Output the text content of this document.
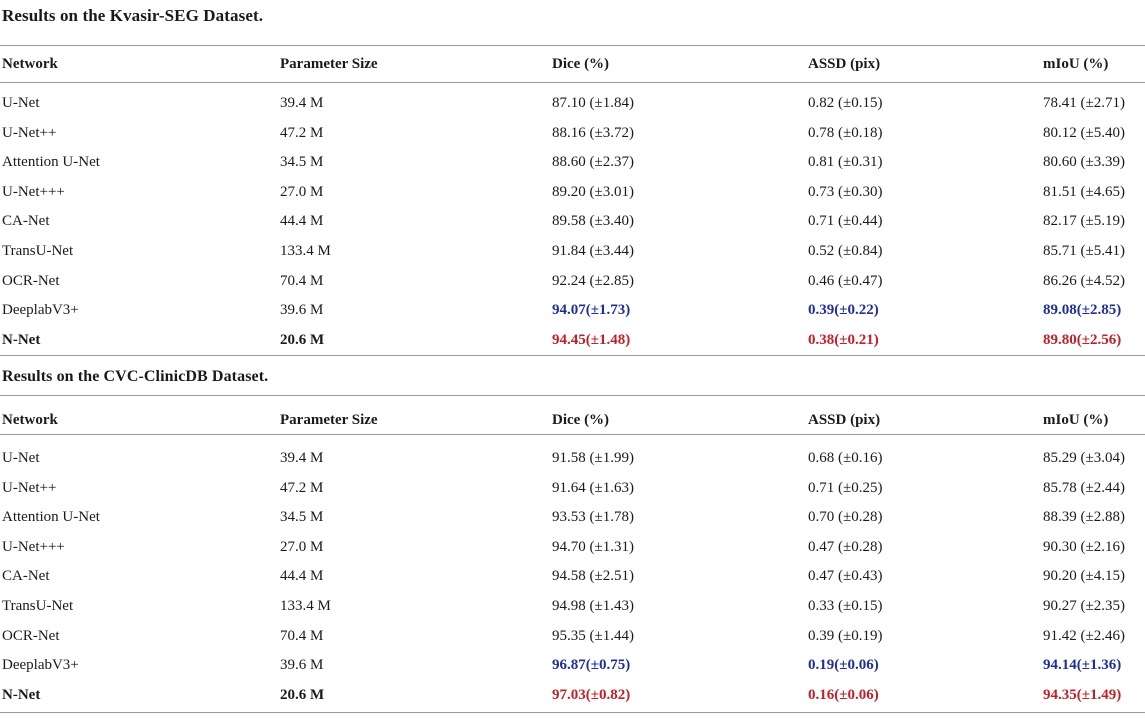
Results on the Kvasir-SEG Dataset.
Network	Parameter Size	Dice (%)	ASSD (pix)	mIoU (%)
U-Net	39.4 M	87.10 (±1.84)	0.82 (±0.15)	78.41 (±2.71)
U-Net++	47.2 M	88.16 (±3.72)	0.78 (±0.18)	80.12 (±5.40)
Attention U-Net	34.5 M	88.60 (±2.37)	0.81 (±0.31)	80.60 (±3.39)
U-Net+++	27.0 M	89.20 (±3.01)	0.73 (±0.30)	81.51 (±4.65)
CA-Net	44.4 M	89.58 (±3.40)	0.71 (±0.44)	82.17 (±5.19)
TransU-Net	133.4 M	91.84 (±3.44)	0.52 (±0.84)	85.71 (±5.41)
OCR-Net	70.4 M	92.24 (±2.85)	0.46 (±0.47)	86.26 (±4.52)
DeeplabV3+	39.6 M	94.07(±1.73)	0.39(±0.22)	89.08(±2.85)
N-Net	20.6 M	94.45(±1.48)	0.38(±0.21)	89.80(±2.56)
Results on the CVC-ClinicDB Dataset.
Network	Parameter Size	Dice (%)	ASSD (pix)	mIoU (%)
U-Net	39.4 M	91.58 (±1.99)	0.68 (±0.16)	85.29 (±3.04)
U-Net++	47.2 M	91.64 (±1.63)	0.71 (±0.25)	85.78 (±2.44)
Attention U-Net	34.5 M	93.53 (±1.78)	0.70 (±0.28)	88.39 (±2.88)
U-Net+++	27.0 M	94.70 (±1.31)	0.47 (±0.28)	90.30 (±2.16)
CA-Net	44.4 M	94.58 (±2.51)	0.47 (±0.43)	90.20 (±4.15)
TransU-Net	133.4 M	94.98 (±1.43)	0.33 (±0.15)	90.27 (±2.35)
OCR-Net	70.4 M	95.35 (±1.44)	0.39 (±0.19)	91.42 (±2.46)
DeeplabV3+	39.6 M	96.87(±0.75)	0.19(±0.06)	94.14(±1.36)
N-Net	20.6 M	97.03(±0.82)	0.16(±0.06)	94.35(±1.49)
